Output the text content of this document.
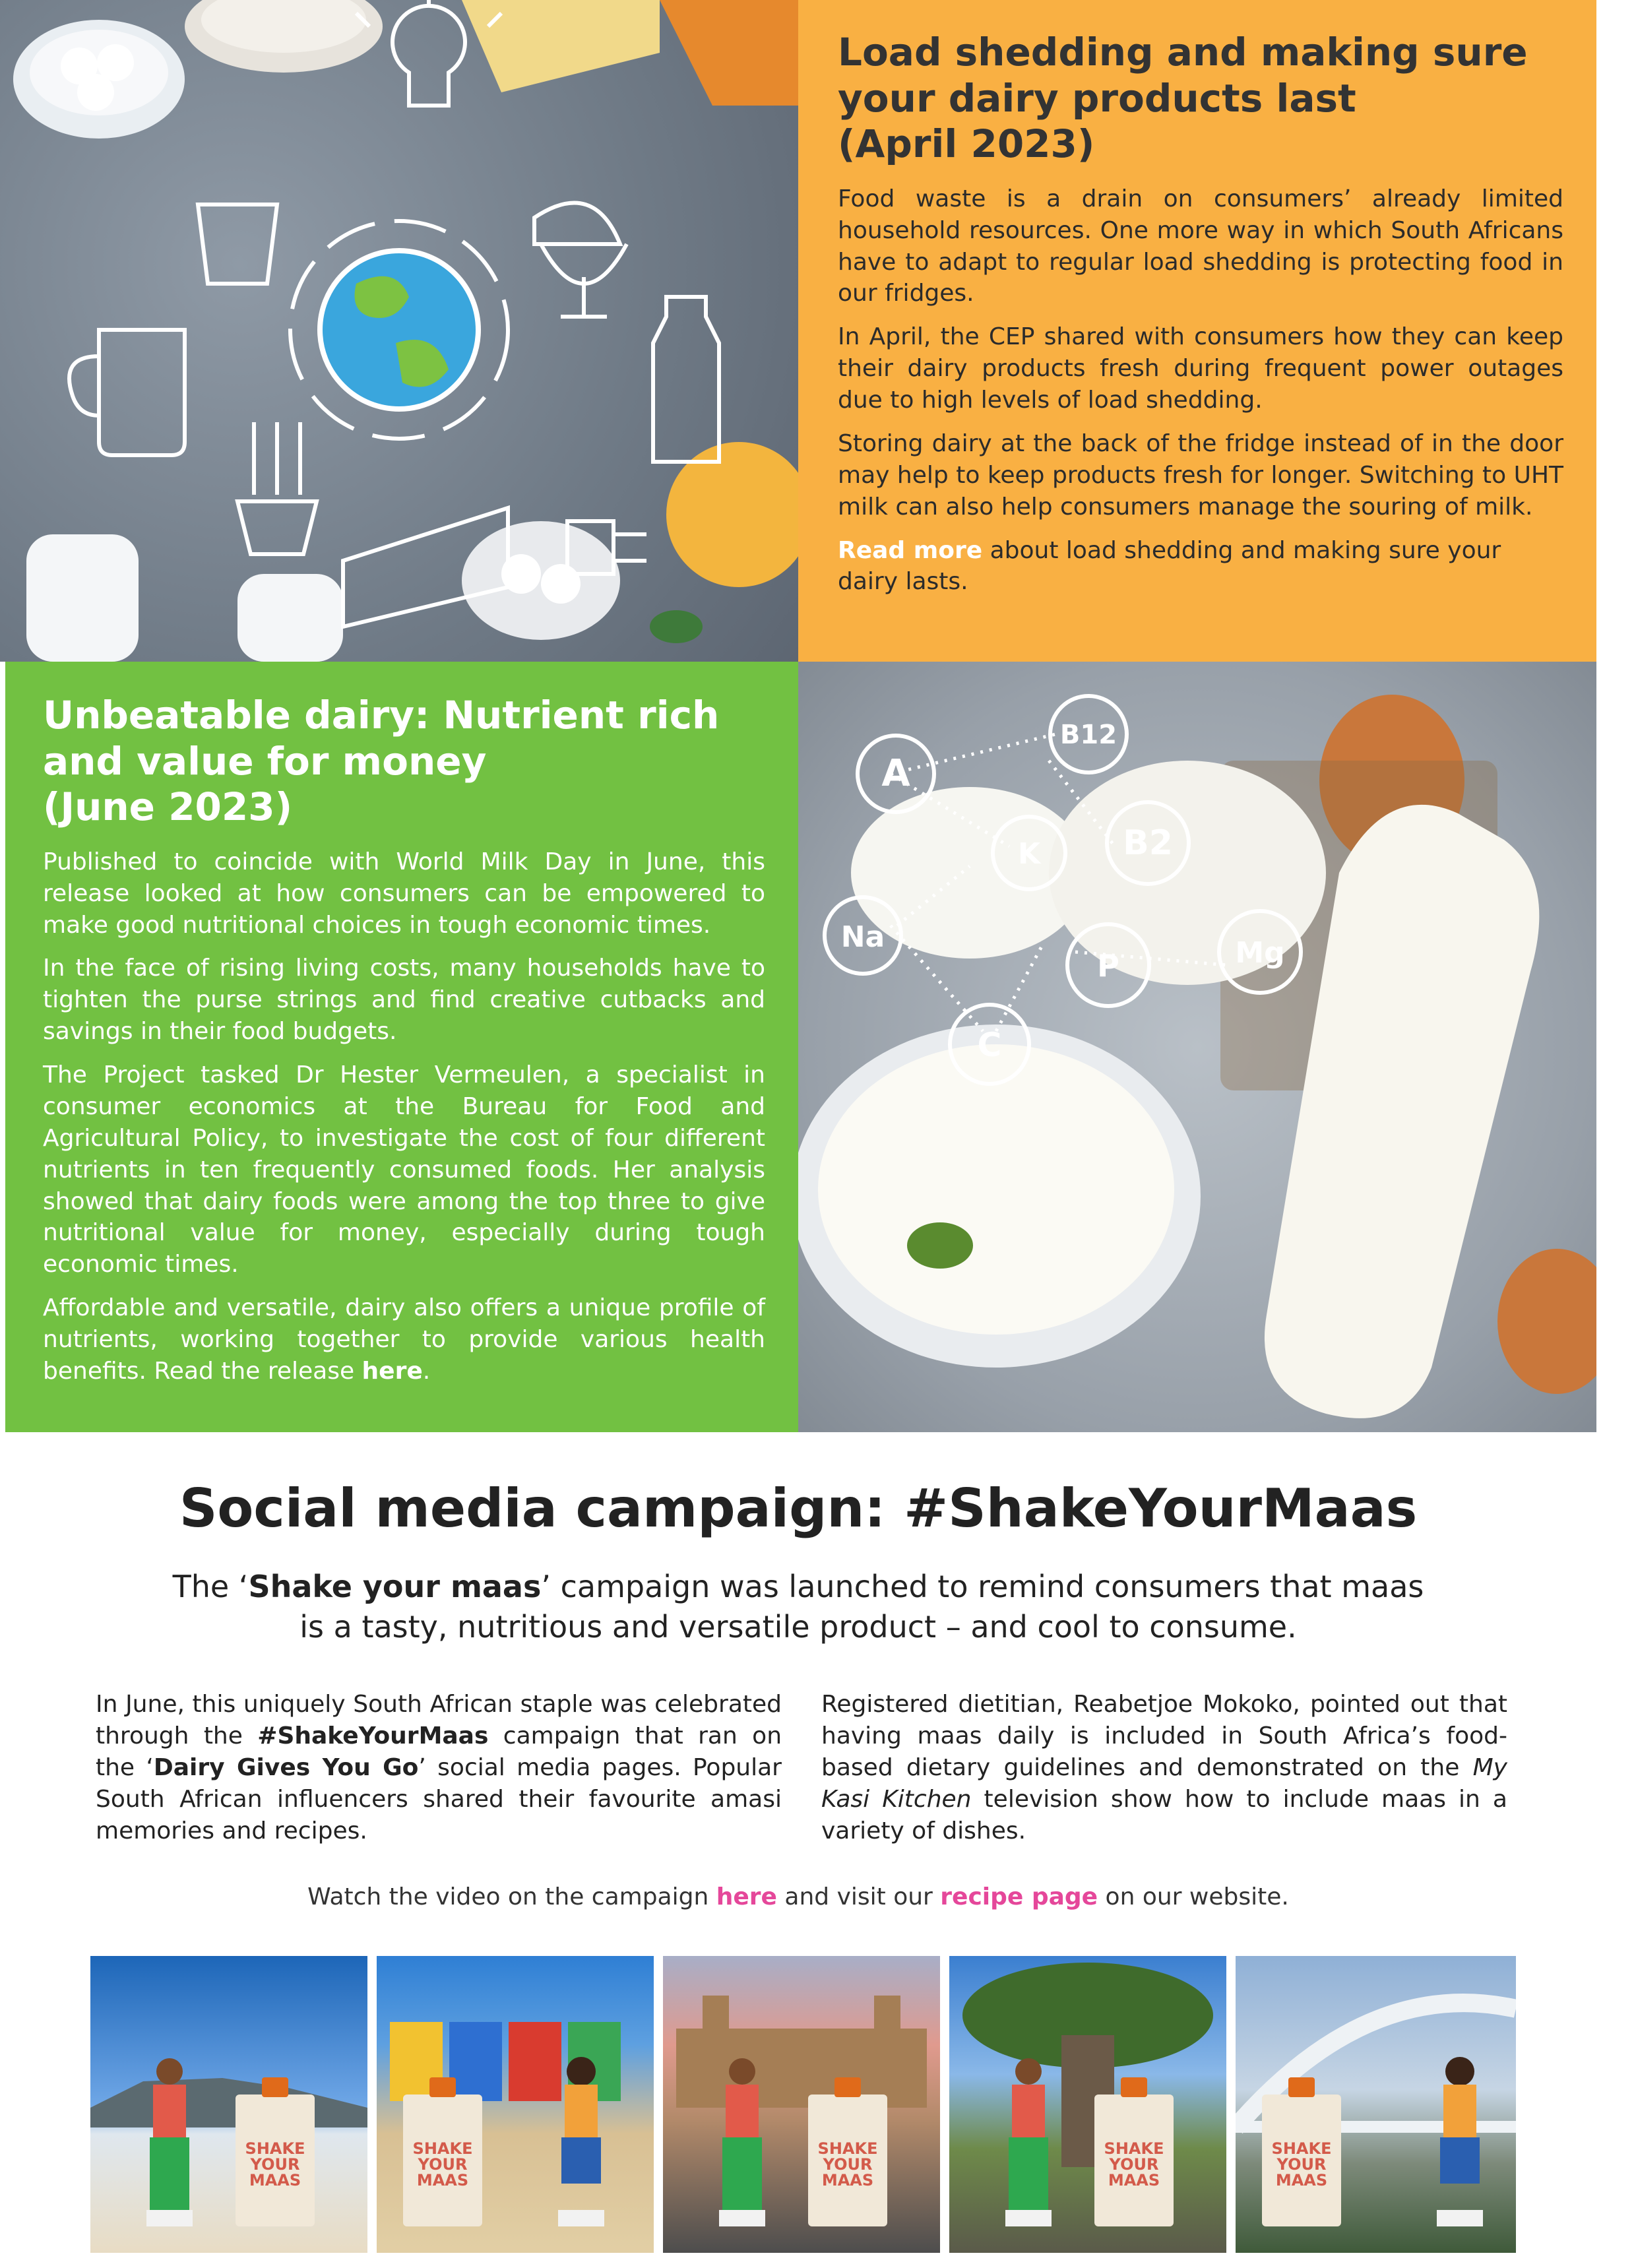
Load shedding and making sure
your dairy products last
(April 2023)

Food waste is a drain on consumers’ already limited household resources. One more way in which South Africans have to adapt to regular load shedding is protecting food in our fridges.

In April, the CEP shared with consumers how they can keep their dairy products fresh during frequent power outages due to high levels of load shedding.

Storing dairy at the back of the fridge instead of in the door may help to keep products fresh for longer. Switching to UHT milk can also help consumers manage the souring of milk.

Read more about load shedding and making sure your dairy lasts.

Unbeatable dairy: Nutrient rich
and value for money
(June 2023)

Published to coincide with World Milk Day in June, this release looked at how consumers can be empowered to make good nutritional choices in tough economic times.

In the face of rising living costs, many households have to tighten the purse strings and find creative cutbacks and savings in their food budgets.

The Project tasked Dr Hester Vermeulen, a specialist in consumer economics at the Bureau for Food and Agricultural Policy, to investigate the cost of four different nutrients in ten frequently consumed foods. Her analysis showed that dairy foods were among the top three to give nutritional value for money, especially during tough economic times.

Affordable and versatile, dairy also offers a unique profile of nutrients, working together to provide various health benefits. Read the release here.

A
B12
K B2
Na	Mg
P
C
Social media campaign: #ShakeYourMaas
The ‘Shake your maas’ campaign was launched to remind consumers that maas is a tasty, nutritious and versatile product – and cool to consume.
In June, this uniquely South African staple was celebrated through the #ShakeYourMaas campaign that ran on the ‘Dairy Gives You Go’ social media pages. Popular South African influencers shared their favourite amasi memories and recipes.
Registered dietitian, Reabetjoe Mokoko, pointed out that having maas daily is included in South Africa’s food-based dietary guidelines and demonstrated on the My Kasi Kitchen television show how to include maas in a variety of dishes.
Watch the video on the campaign here and visit our recipe page on our website.
SHAKE YOUR MAAS
SHAKE YOUR MAAS
SHAKE YOUR MAAS
SHAKE YOUR MAAS
SHAKE YOUR MAAS
